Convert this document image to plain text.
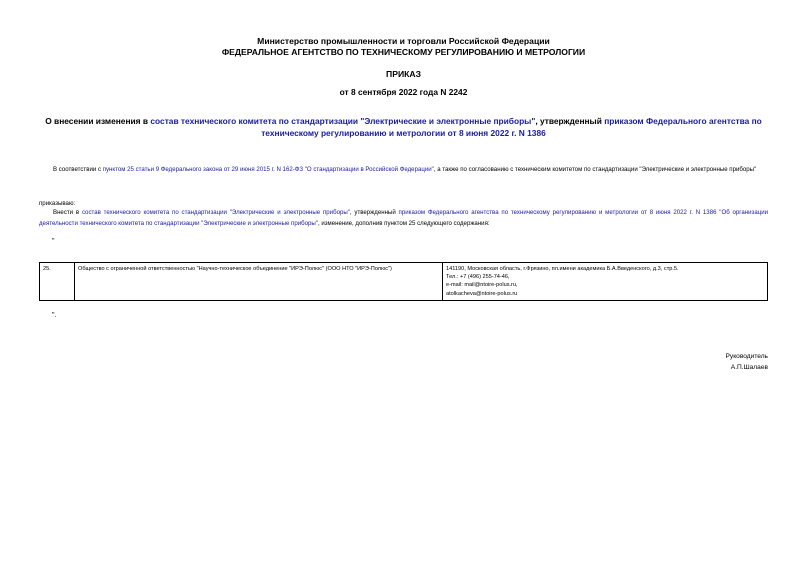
Министерство промышленности и торговли Российской Федерации
ФЕДЕРАЛЬНОЕ АГЕНТСТВО ПО ТЕХНИЧЕСКОМУ РЕГУЛИРОВАНИЮ И МЕТРОЛОГИИ
ПРИКАЗ
от 8 сентября 2022 года N 2242
О внесении изменения в состав технического комитета по стандартизации "Электрические и электронные приборы", утвержденный приказом Федерального агентства по техническому регулированию и метрологии от 8 июня 2022 г. N 1386
В соответствии с пунктом 25 статьи 9 Федерального закона от 29 июня 2015 г. N 162-ФЗ "О стандартизации в Российской Федерации", а также по согласованию с техническим комитетом по стандартизации "Электрические и электронные приборы"
приказываю:
Внести в состав технического комитета по стандартизации "Электрические и электронные приборы", утвержденный приказом Федерального агентства по техническому регулированию и метрологии от 8 июня 2022 г. N 1386 "Об организации деятельности технического комитета по стандартизации "Электрические и электронные приборы", изменение, дополнив пунктом 25 следующего содержания:
"
25.	Общество с ограниченной ответственностью "Научно-техническое объединение "ИРЭ-Полюс" (ООО НТО "ИРЭ-Полюс")	141190, Московская область, г.Фрязино, пл.имени академика Б.А.Введенского, д.3, стр.5.
Тел.: +7 (496) 255-74-46,
e-mail: mail@ntoire-polus.ru,
atolkacheva@ntoire-polus.ru
".
Руководитель
А.П.Шалаев
